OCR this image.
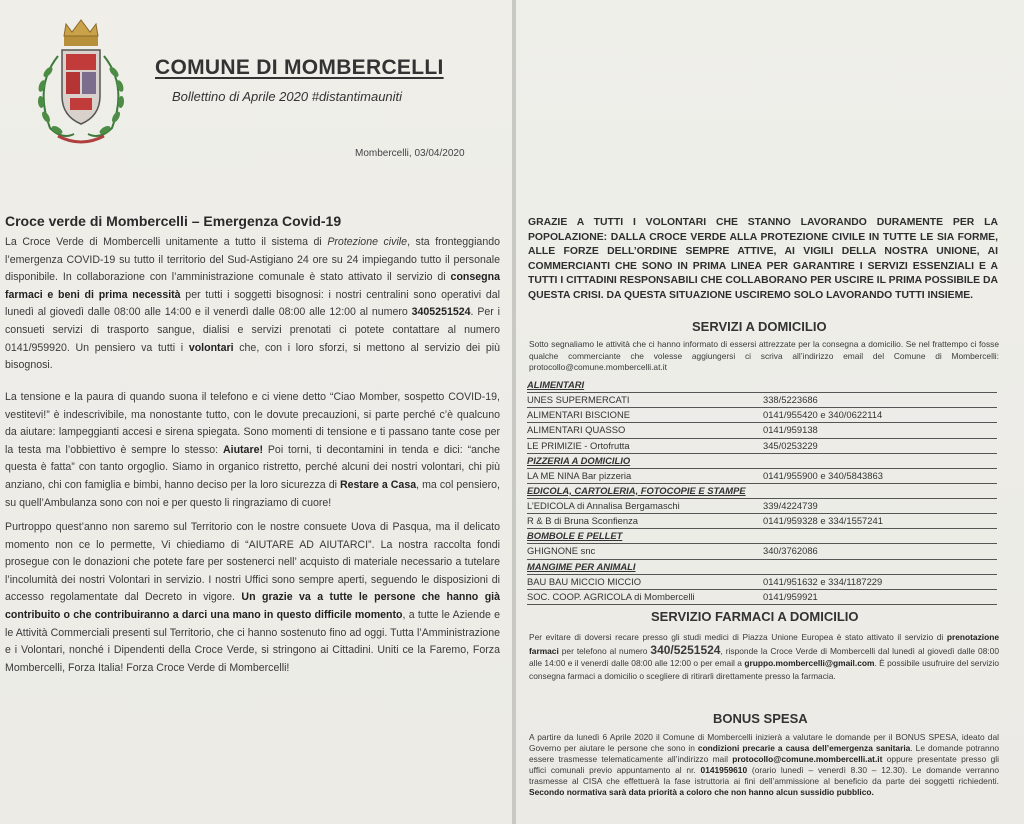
COMUNE DI MOMBERCELLI
Bollettino di Aprile 2020 #distantimauniti
Mombercelli, 03/04/2020
Croce verde di Mombercelli – Emergenza Covid-19
La Croce Verde di Mombercelli unitamente a tutto il sistema di Protezione civile, sta fronteggiando l’emergenza COVID-19 su tutto il territorio del Sud-Astigiano 24 ore su 24 impiegando tutto il personale disponibile. In collaborazione con l’amministrazione comunale è stato attivato il servizio di consegna farmaci e beni di prima necessità per tutti i soggetti bisognosi: i nostri centralini sono operativi dal lunedì al giovedì dalle 08:00 alle 14:00 e il venerdì dalle 08:00 alle 12:00 al numero 3405251524. Per i consueti servizi di trasporto sangue, dialisi e servizi prenotati ci potete contattare al numero 0141/959920. Un pensiero va tutti i volontari che, con i loro sforzi, si mettono al servizio dei più bisognosi.
La tensione e la paura di quando suona il telefono e ci viene detto “Ciao Momber, sospetto COVID-19, vestitevi!” è indescrivibile, ma nonostante tutto, con le dovute precauzioni, si parte perché c’è qualcuno da aiutare: lampeggianti accesi e sirena spiegata. Sono momenti di tensione e ti passano tante cose per la testa ma l’obbiettivo è sempre lo stesso: Aiutare! Poi torni, ti decontamini in tenda e dici: “anche questa è fatta” con tanto orgoglio. Siamo in organico ristretto, perché alcuni dei nostri volontari, chi più anziano, chi con famiglia e bimbi, hanno deciso per la loro sicurezza di Restare a Casa, ma col pensiero, su quell’Ambulanza sono con noi e per questo li ringraziamo di cuore!
Purtroppo quest’anno non saremo sul Territorio con le nostre consuete Uova di Pasqua, ma il delicato momento non ce lo permette, Vi chiediamo di “AIUTARE AD AIUTARCI”. La nostra raccolta fondi prosegue con le donazioni che potete fare per sostenerci nell’ acquisto di materiale necessario a tutelare l’incolumità dei nostri Volontari in servizio. I nostri Uffici sono sempre aperti, seguendo le disposizioni di accesso regolamentate dal Decreto in vigore. Un grazie va a tutte le persone che hanno già contribuito o che contribuiranno a darci una mano in questo difficile momento, a tutte le Aziende e le Attività Commerciali presenti sul Territorio, che ci hanno sostenuto fino ad oggi. Tutta l’Amministrazione e i Volontari, nonché i Dipendenti della Croce Verde, si stringono ai Cittadini. Uniti ce la Faremo, Forza Mombercelli, Forza Italia! Forza Croce Verde di Mombercelli!
GRAZIE A TUTTI I VOLONTARI CHE STANNO LAVORANDO DURAMENTE PER LA POPOLAZIONE: DALLA CROCE VERDE ALLA PROTEZIONE CIVILE IN TUTTE LE SIA FORME, ALLE FORZE DELL’ORDINE SEMPRE ATTIVE, AI VIGILI DELLA NOSTRA UNIONE, AI COMMERCIANTI CHE SONO IN PRIMA LINEA PER GARANTIRE I SERVIZI ESSENZIALI E A TUTTI I CITTADINI RESPONSABILI CHE COLLABORANO PER USCIRE IL PRIMA POSSIBILE DA QUESTA CRISI. DA QUESTA SITUAZIONE USCIREMO SOLO LAVORANDO TUTTI INSIEME.
SERVIZI A DOMICILIO
Sotto segnaliamo le attività che ci hanno informato di essersi attrezzate per la consegna a domicilio. Se nel frattempo ci fosse qualche commerciante che volesse aggiungersi ci scriva all’indirizzo email del Comune di Mombercelli: protocollo@comune.mombercelli.at.it
ALIMENTARI
UNES SUPERMERCATI	338/5223686
ALIMENTARI BISCIONE	0141/955420 e 340/0622114
ALIMENTARI QUASSO	0141/959138
LE PRIMIZIE - Ortofrutta	345/0253229
PIZZERIA A DOMICILIO
LA ME NINA Bar pizzeria	0141/955900 e 340/5843863
EDICOLA, CARTOLERIA, FOTOCOPIE E STAMPE
L’EDICOLA di Annalisa Bergamaschi	339/4224739
R & B di Bruna Sconfienza	0141/959328 e 334/1557241
BOMBOLE E PELLET
GHIGNONE snc	340/3762086
MANGIME PER ANIMALI
BAU BAU MICCIO MICCIO	0141/951632 e 334/1187229
SOC. COOP. AGRICOLA di Mombercelli	0141/959921
SERVIZIO FARMACI A DOMICILIO
Per evitare di doversi recare presso gli studi medici di Piazza Unione Europea è stato attivato il servizio di prenotazione farmaci per telefono al numero 340/5251524, risponde la Croce Verde di Mombercelli dal lunedì al giovedì dalle 08:00 alle 14:00 e il venerdì dalle 08:00 alle 12:00 o per email a gruppo.mombercelli@gmail.com. È possibile usufruire del servizio consegna farmaci a domicilio o scegliere di ritirarli direttamente presso la farmacia.
BONUS SPESA
A partire da lunedì 6 Aprile 2020 il Comune di Mombercelli inizierà a valutare le domande per il BONUS SPESA, ideato dal Governo per aiutare le persone che sono in condizioni precarie a causa dell’emergenza sanitaria. Le domande potranno essere trasmesse telematicamente all’indirizzo mail protocollo@comune.mombercelli.at.it oppure presentate presso gli uffici comunali previo appuntamento al nr. 0141959610 (orario lunedì – venerdì 8.30 – 12.30). Le domande verranno trasmesse al CISA che effettuerà la fase istruttoria ai fini dell’ammissione al beneficio da parte dei soggetti richiedenti. Secondo normativa sarà data priorità a coloro che non hanno alcun sussidio pubblico.
